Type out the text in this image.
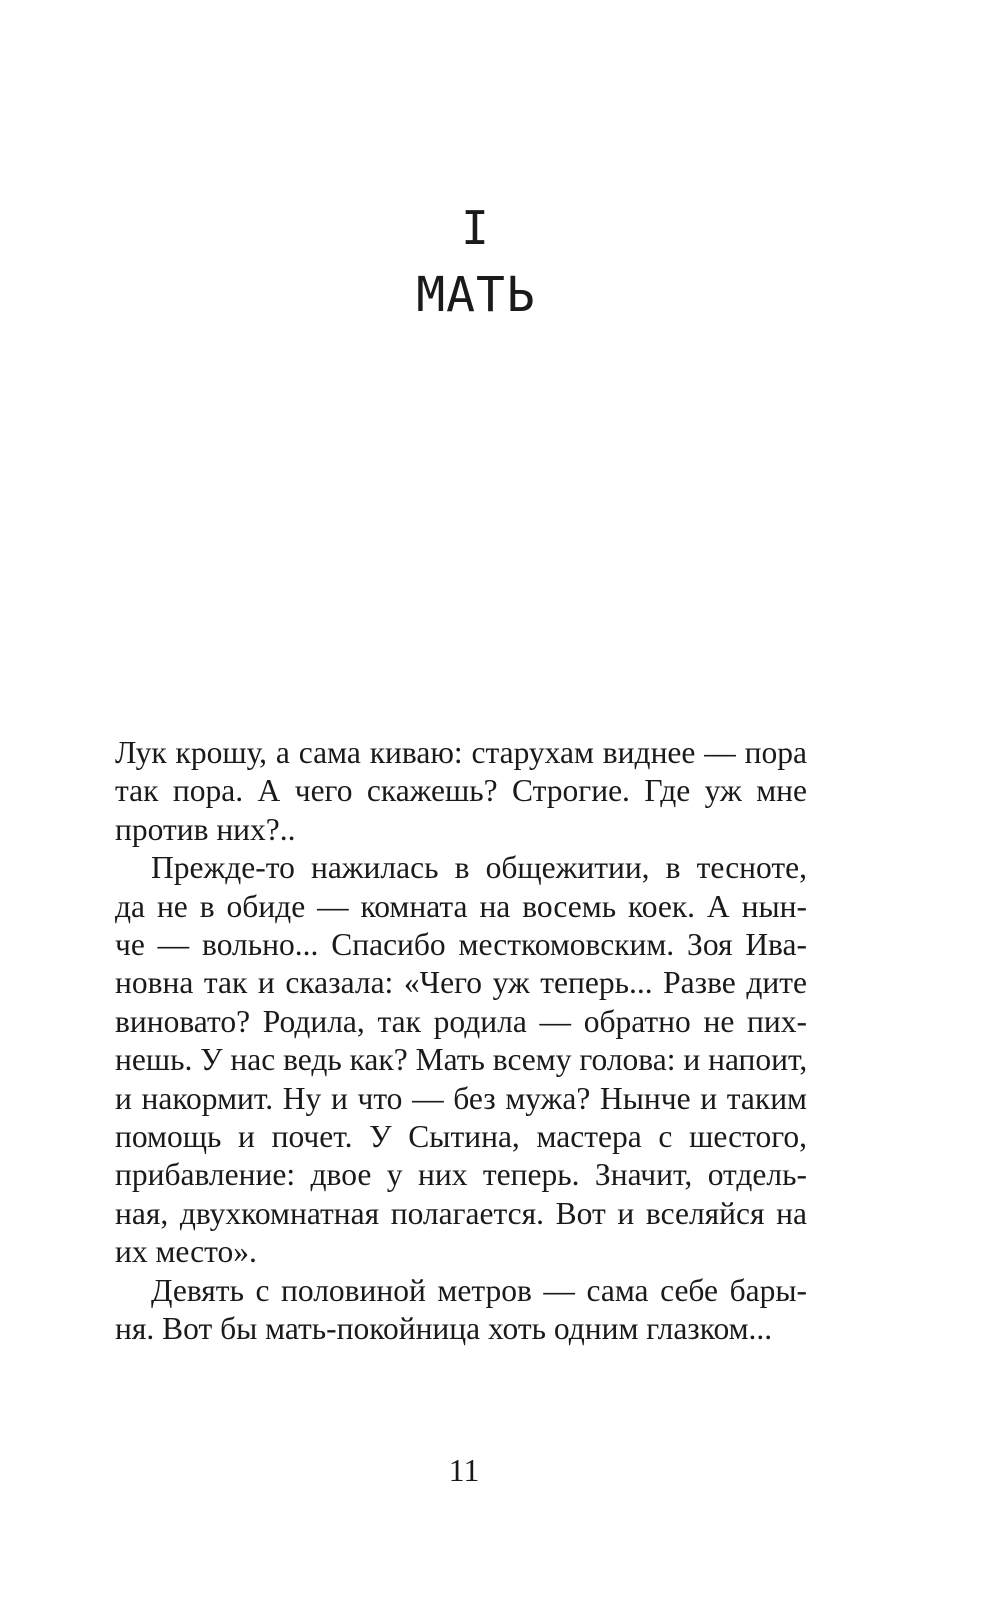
I
МАТЬ
Лук крошу, а сама киваю: старухам виднее — пора
так пора. А чего скажешь? Строгие. Где уж мне
против них?..
Прежде-то нажилась в общежитии, в тесноте,
да не в обиде — комната на восемь коек. А нын-
че — вольно... Спасибо месткомовским. Зоя Ива-
новна так и сказала: «Чего уж теперь... Разве дите
виновато? Родила, так родила — обратно не пих-
нешь. У нас ведь как? Мать всему голова: и напоит,
и накормит. Ну и что — без мужа? Нынче и таким
помощь и почет. У Сытина, мастера с шестого,
прибавление: двое у них теперь. Значит, отдель-
ная, двухкомнатная полагается. Вот и вселяйся на
их место».
Девять с половиной метров — сама себе бары-
ня. Вот бы мать-покойница хоть одним глазком...
11
